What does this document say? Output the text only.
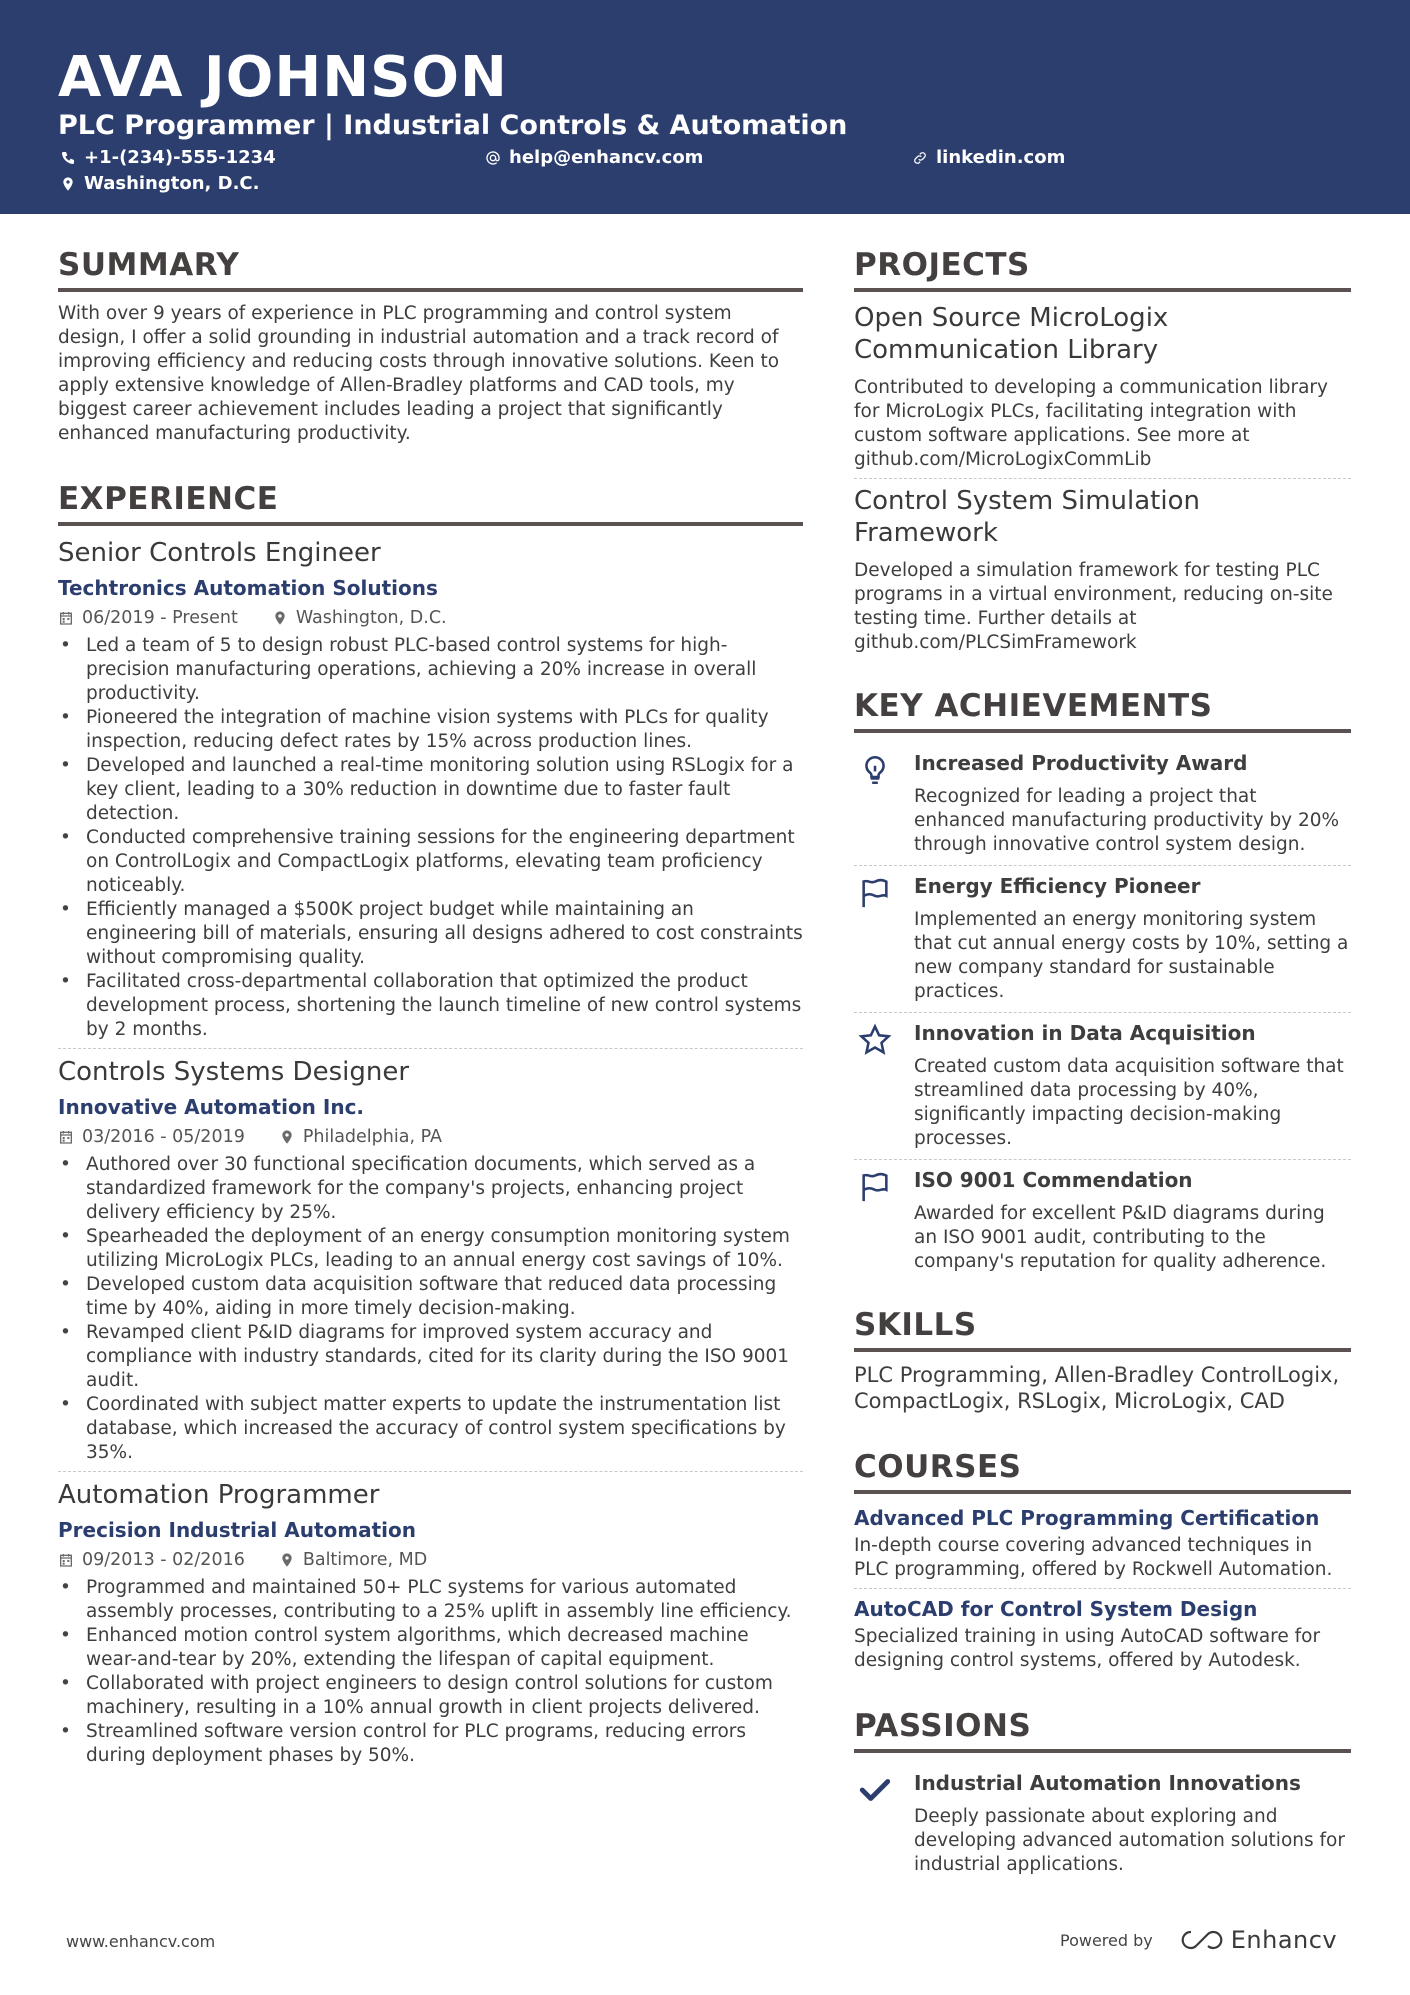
AVA JOHNSON
PLC Programmer | Industrial Controls & Automation
+1-(234)-555-1234	help@enhancv.com	linkedin.com
Washington, D.C.
SUMMARY
With over 9 years of experience in PLC programming and control system design, I offer a solid grounding in industrial automation and a track record of improving efficiency and reducing costs through innovative solutions. Keen to apply extensive knowledge of Allen-Bradley platforms and CAD tools, my biggest career achievement includes leading a project that significantly enhanced manufacturing productivity.
EXPERIENCE
Senior Controls Engineer
Techtronics Automation Solutions
06/2019 - Present	Washington, D.C.
• Led a team of 5 to design robust PLC-based control systems for high-precision manufacturing operations, achieving a 20% increase in overall productivity.
• Pioneered the integration of machine vision systems with PLCs for quality inspection, reducing defect rates by 15% across production lines.
• Developed and launched a real-time monitoring solution using RSLogix for a key client, leading to a 30% reduction in downtime due to faster fault detection.
• Conducted comprehensive training sessions for the engineering department on ControlLogix and CompactLogix platforms, elevating team proficiency noticeably.
• Efficiently managed a $500K project budget while maintaining an engineering bill of materials, ensuring all designs adhered to cost constraints without compromising quality.
• Facilitated cross-departmental collaboration that optimized the product development process, shortening the launch timeline of new control systems by 2 months.
Controls Systems Designer
Innovative Automation Inc.
03/2016 - 05/2019	Philadelphia, PA
• Authored over 30 functional specification documents, which served as a standardized framework for the company's projects, enhancing project delivery efficiency by 25%.
• Spearheaded the deployment of an energy consumption monitoring system utilizing MicroLogix PLCs, leading to an annual energy cost savings of 10%.
• Developed custom data acquisition software that reduced data processing time by 40%, aiding in more timely decision-making.
• Revamped client P&ID diagrams for improved system accuracy and compliance with industry standards, cited for its clarity during the ISO 9001 audit.
• Coordinated with subject matter experts to update the instrumentation list database, which increased the accuracy of control system specifications by 35%.
Automation Programmer
Precision Industrial Automation
09/2013 - 02/2016	Baltimore, MD
• Programmed and maintained 50+ PLC systems for various automated assembly processes, contributing to a 25% uplift in assembly line efficiency.
• Enhanced motion control system algorithms, which decreased machine wear-and-tear by 20%, extending the lifespan of capital equipment.
• Collaborated with project engineers to design control solutions for custom machinery, resulting in a 10% annual growth in client projects delivered.
• Streamlined software version control for PLC programs, reducing errors during deployment phases by 50%.
PROJECTS
Open Source MicroLogix Communication Library
Contributed to developing a communication library for MicroLogix PLCs, facilitating integration with custom software applications. See more at github.com/MicroLogixCommLib
Control System Simulation Framework
Developed a simulation framework for testing PLC programs in a virtual environment, reducing on-site testing time. Further details at github.com/PLCSimFramework
KEY ACHIEVEMENTS
Increased Productivity Award
Recognized for leading a project that enhanced manufacturing productivity by 20% through innovative control system design.
Energy Efficiency Pioneer
Implemented an energy monitoring system that cut annual energy costs by 10%, setting a new company standard for sustainable practices.
Innovation in Data Acquisition
Created custom data acquisition software that streamlined data processing by 40%, significantly impacting decision-making processes.
ISO 9001 Commendation
Awarded for excellent P&ID diagrams during an ISO 9001 audit, contributing to the company's reputation for quality adherence.
SKILLS
PLC Programming, Allen-Bradley ControlLogix, CompactLogix, RSLogix, MicroLogix, CAD
COURSES
Advanced PLC Programming Certification
In-depth course covering advanced techniques in PLC programming, offered by Rockwell Automation.
AutoCAD for Control System Design
Specialized training in using AutoCAD software for designing control systems, offered by Autodesk.
PASSIONS
Industrial Automation Innovations
Deeply passionate about exploring and developing advanced automation solutions for industrial applications.
www.enhancv.com	Powered by	Enhancv
